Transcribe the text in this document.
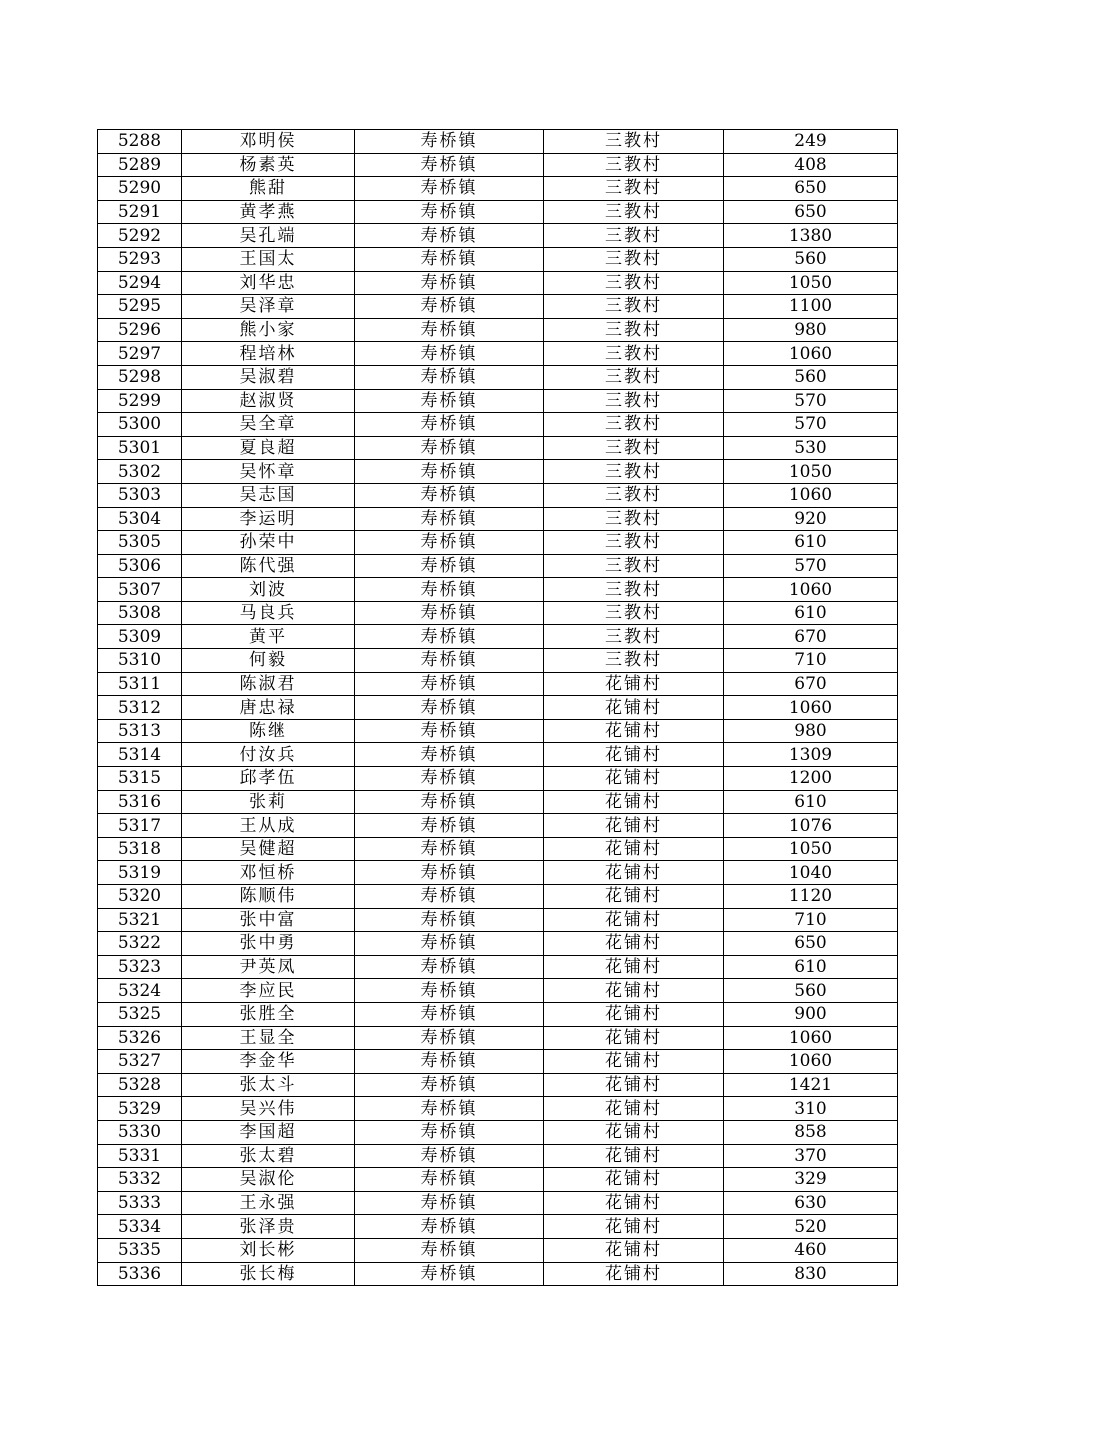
5288	邓明侯	寿桥镇	三教村	249
5289	杨素英	寿桥镇	三教村	408
5290	熊甜	寿桥镇	三教村	650
5291	黄孝燕	寿桥镇	三教村	650
5292	吴孔端	寿桥镇	三教村	1380
5293	王国太	寿桥镇	三教村	560
5294	刘华忠	寿桥镇	三教村	1050
5295	吴泽章	寿桥镇	三教村	1100
5296	熊小家	寿桥镇	三教村	980
5297	程培林	寿桥镇	三教村	1060
5298	吴淑碧	寿桥镇	三教村	560
5299	赵淑贤	寿桥镇	三教村	570
5300	吴全章	寿桥镇	三教村	570
5301	夏良超	寿桥镇	三教村	530
5302	吴怀章	寿桥镇	三教村	1050
5303	吴志国	寿桥镇	三教村	1060
5304	李运明	寿桥镇	三教村	920
5305	孙荣中	寿桥镇	三教村	610
5306	陈代强	寿桥镇	三教村	570
5307	刘波	寿桥镇	三教村	1060
5308	马良兵	寿桥镇	三教村	610
5309	黄平	寿桥镇	三教村	670
5310	何毅	寿桥镇	三教村	710
5311	陈淑君	寿桥镇	花铺村	670
5312	唐忠禄	寿桥镇	花铺村	1060
5313	陈继	寿桥镇	花铺村	980
5314	付汝兵	寿桥镇	花铺村	1309
5315	邱孝伍	寿桥镇	花铺村	1200
5316	张莉	寿桥镇	花铺村	610
5317	王从成	寿桥镇	花铺村	1076
5318	吴健超	寿桥镇	花铺村	1050
5319	邓恒桥	寿桥镇	花铺村	1040
5320	陈顺伟	寿桥镇	花铺村	1120
5321	张中富	寿桥镇	花铺村	710
5322	张中勇	寿桥镇	花铺村	650
5323	尹英凤	寿桥镇	花铺村	610
5324	李应民	寿桥镇	花铺村	560
5325	张胜全	寿桥镇	花铺村	900
5326	王显全	寿桥镇	花铺村	1060
5327	李金华	寿桥镇	花铺村	1060
5328	张太斗	寿桥镇	花铺村	1421
5329	吴兴伟	寿桥镇	花铺村	310
5330	李国超	寿桥镇	花铺村	858
5331	张太碧	寿桥镇	花铺村	370
5332	吴淑伦	寿桥镇	花铺村	329
5333	王永强	寿桥镇	花铺村	630
5334	张泽贵	寿桥镇	花铺村	520
5335	刘长彬	寿桥镇	花铺村	460
5336	张长梅	寿桥镇	花铺村	830
